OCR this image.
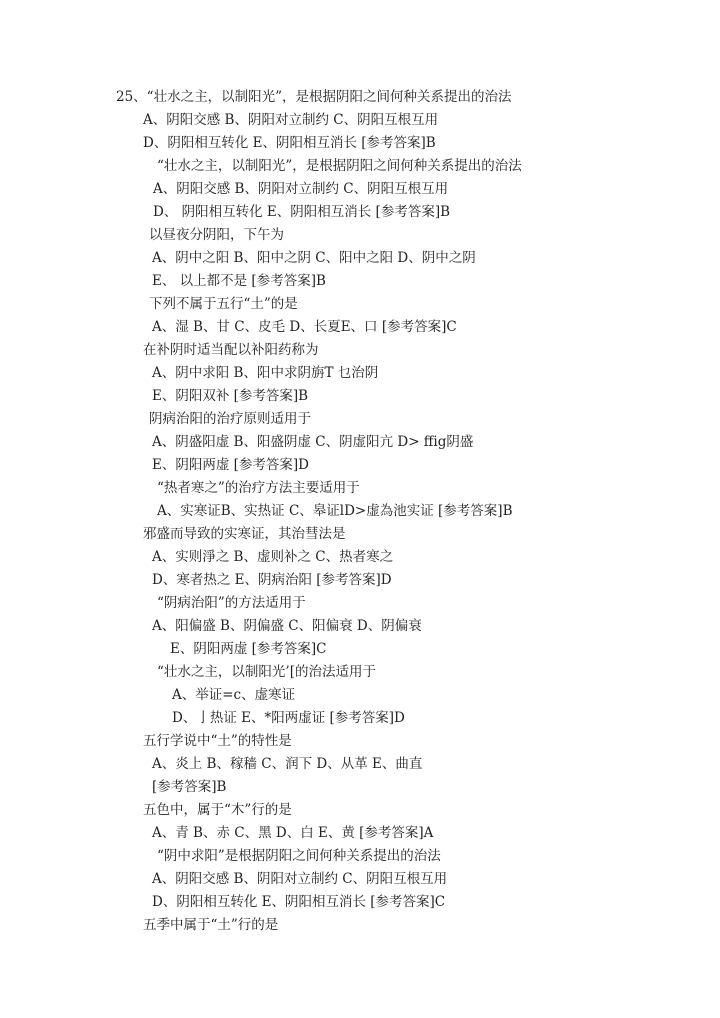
25、“壮水之主，以制阳光”，是根据阴阳之间何种关系提出的治法
A、阴阳交感 B、阴阳对立制约 C、阴阳互根互用
D、阴阳相互转化 E、阴阳相互消长 [参考答案]B
“壮水之主，以制阳光”，是根据阴阳之间何种关系提出的治法
A、阴阳交感 B、阴阳对立制约 C、阴阳互根互用
D、 阴阳相互转化 E、阴阳相互消长 [参考答案]B
以昼夜分阴阳，下午为
A、阴中之阳 B、阳中之阴 C、阳中之阳 D、阴中之阴
E、 以上都不是 [参考答案]B
下列不属于五行“土”的是
A、湿 B、甘 C、皮毛 D、长夏E、口 [参考答案]C
在补阴时适当配以补阳药称为
A、阴中求阳 B、阳中求阴旃T 乜治阴
E、阴阳双补 [参考答案]B
阴病治阳的治疗原则适用于
A、阴盛阳虚 B、阳盛阴虚 C、阴虚阳亢 D> ffig阴盛
E、阴阳两虚 [参考答案]D
“热者寒之”的治疗方法主要适用于
A、实寒证B、实热证 C、皋证lD>虚為池实证 [参考答案]B
邪盛而导致的实寒证，其治彗法是
A、实则淨之 B、虚则补之 C、热者寒之
D、寒者热之 E、阴病治阳 [参考答案]D
“阴病治阳”的方法适用于
A、阳偏盛 B、阴偏盛 C、阳偏衰 D、阴偏衰
E、阴阳两虚 [参考答案]C
“壮水之主，以制阳光’[的治法适用于
A、举证=c、虚寒证
D、亅热证 E、*阳两虚证 [参考答案]D
五行学说中“土”的特性是
A、炎上 B、稼穑 C、润下 D、从革 E、曲直
[参考答案]B
五色中，属于“木”行的是
A、青 B、赤 C、黑 D、白 E、黄 [参考答案]A
“阴中求阳”是根据阴阳之间何种关系提出的治法
A、阴阳交感 B、阴阳对立制约 C、阴阳互根互用
D、阴阳相互转化 E、阴阳相互消长 [参考答案]C
五季中属于“土”行的是
